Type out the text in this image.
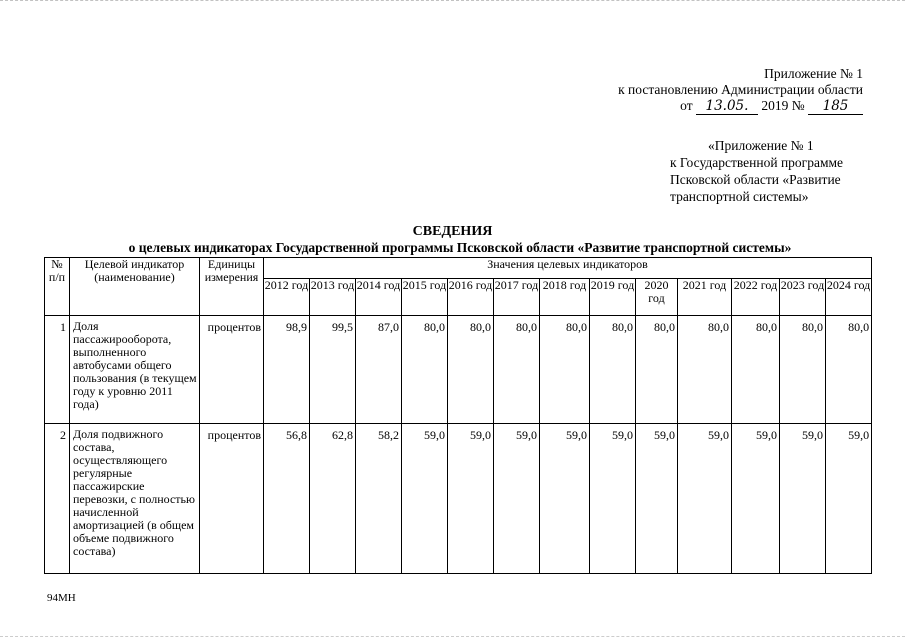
Приложение № 1
к постановлению Администрации области
от 13.05. 2019 № 185
«Приложение № 1
к Государственной программе
Псковской области «Развитие
транспортной системы»
СВЕДЕНИЯ
о целевых индикаторах Государственной программы Псковской области «Развитие транспортной системы»
№ п/п	Целевой индикатор (наименование)	Единицы измерения	Значения целевых индикаторов												
			2012 год	2013 год	2014 год	2015 год	2016 год	2017 год	2018 год	2019 год	2020 год	2021 год	2022 год	2023 год	2024 год
1	Доля пассажирооборота, выполненного автобусами общего пользования (в текущем году к уровню 2011 года)	процентов	98,9	99,5	87,0	80,0	80,0	80,0	80,0	80,0	80,0	80,0	80,0	80,0	80,0
2	Доля подвижного состава, осуществляющего регулярные пассажирские перевозки, с полностью начисленной амортизацией (в общем объеме подвижного состава)	процентов	56,8	62,8	58,2	59,0	59,0	59,0	59,0	59,0	59,0	59,0	59,0	59,0	59,0
94МН
